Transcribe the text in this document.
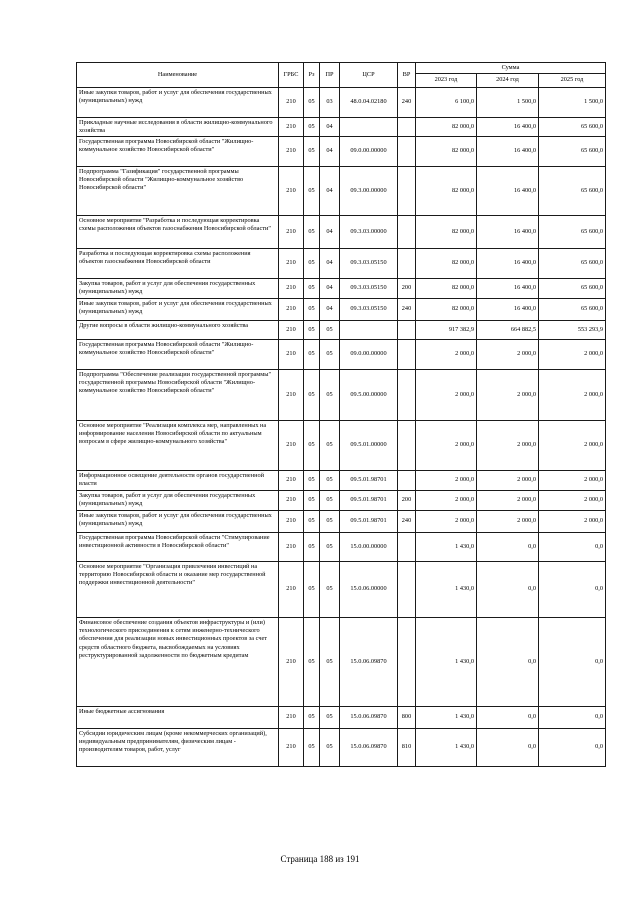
Наименование	ГРБС	Рз	ПР	ЦСР	ВР	Сумма		
						2023 год	2024 год	2025 год
Иные закупки товаров, работ и услуг для обеспечения государственных (муниципальных) нужд	210	05	03	48.0.04.02180	240	6 100,0	1 500,0	1 500,0
Прикладные научные исследования в области жилищно-коммунального хозяйства	210	05	04			82 000,0	16 400,0	65 600,0
Государственная программа Новосибирской области "Жилищно-коммунальное хозяйство Новосибирской области"	210	05	04	09.0.00.00000		82 000,0	16 400,0	65 600,0
Подпрограмма "Газификация" государственной программы Новосибирской области "Жилищно-коммунальное хозяйство Новосибирской области"	210	05	04	09.3.00.00000		82 000,0	16 400,0	65 600,0
Основное мероприятие "Разработка и последующая корректировка схемы расположения объектов газоснабжения Новосибирской области"	210	05	04	09.3.03.00000		82 000,0	16 400,0	65 600,0
Разработка и последующая корректировка схемы расположения объектов газоснабжения Новосибирской области	210	05	04	09.3.03.05150		82 000,0	16 400,0	65 600,0
Закупка товаров, работ и услуг для обеспечения государственных (муниципальных) нужд	210	05	04	09.3.03.05150	200	82 000,0	16 400,0	65 600,0
Иные закупки товаров, работ и услуг для обеспечения государственных (муниципальных) нужд	210	05	04	09.3.03.05150	240	82 000,0	16 400,0	65 600,0
Другие вопросы в области жилищно-коммунального хозяйства	210	05	05			917 382,9	664 882,5	553 293,9
Государственная программа Новосибирской области "Жилищно-коммунальное хозяйство Новосибирской области"	210	05	05	09.0.00.00000		2 000,0	2 000,0	2 000,0
Подпрограмма "Обеспечение реализации государственной программы" государственной программы Новосибирской области "Жилищно-коммунальное хозяйство Новосибирской области"	210	05	05	09.5.00.00000		2 000,0	2 000,0	2 000,0
Основное мероприятие "Реализация комплекса мер, направленных на информирование населения Новосибирской области по актуальным вопросам в сфере жилищно-коммунального хозяйства"	210	05	05	09.5.01.00000		2 000,0	2 000,0	2 000,0
Информационное освещение деятельности органов государственной власти	210	05	05	09.5.01.98701		2 000,0	2 000,0	2 000,0
Закупка товаров, работ и услуг для обеспечения государственных (муниципальных) нужд	210	05	05	09.5.01.98701	200	2 000,0	2 000,0	2 000,0
Иные закупки товаров, работ и услуг для обеспечения государственных (муниципальных) нужд	210	05	05	09.5.01.98701	240	2 000,0	2 000,0	2 000,0
Государственная программа Новосибирской области "Стимулирование инвестиционной активности в Новосибирской области"	210	05	05	15.0.00.00000		1 430,0	0,0	0,0
Основное мероприятие "Организация привлечения инвестиций на территорию Новосибирской области и оказание мер государственной поддержки инвестиционной деятельности"	210	05	05	15.0.06.00000		1 430,0	0,0	0,0
Финансовое обеспечение создания объектов инфраструктуры и (или) технологического присоединения к сетям инженерно-технического обеспечения для реализации новых инвестиционных проектов за счет средств областного бюджета, высвобождаемых на условиях реструктурированной задолженности по бюджетным кредитам	210	05	05	15.0.06.09870		1 430,0	0,0	0,0
Иные бюджетные ассигнования	210	05	05	15.0.06.09870	800	1 430,0	0,0	0,0
Субсидии юридическим лицам (кроме некоммерческих организаций), индивидуальным предпринимателям, физическим лицам - производителям товаров, работ, услуг	210	05	05	15.0.06.09870	810	1 430,0	0,0	0,0
Страница 188 из 191
